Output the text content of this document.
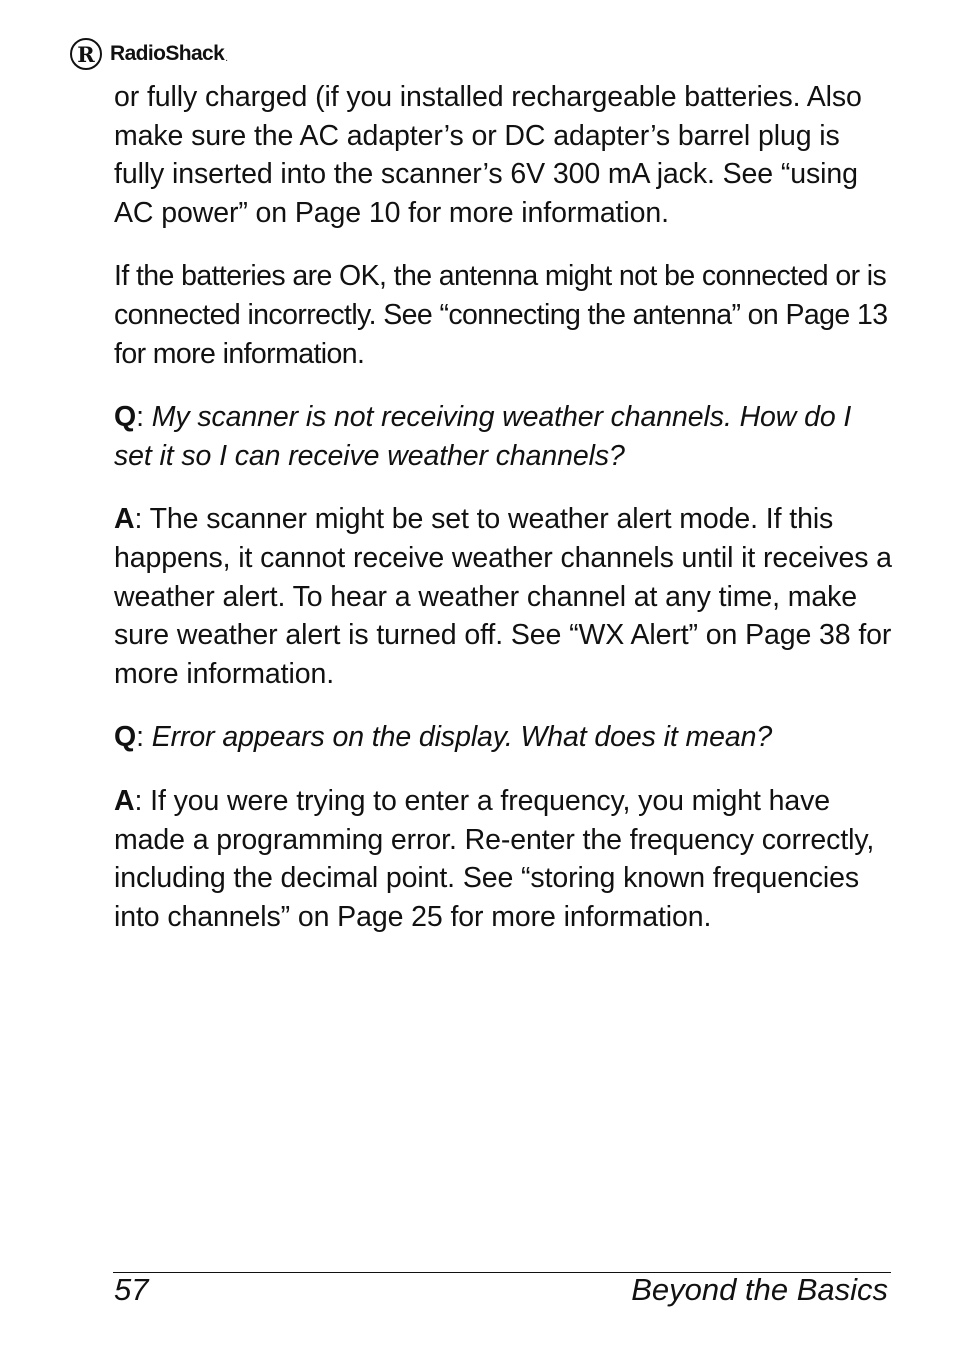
R RadioShack .

or fully charged (if you installed rechargeable batteries. Also make sure the AC adapter’s or DC adapter’s barrel plug is fully inserted into the scanner’s 6V 300 mA jack. See “using AC power” on Page 10 for more information.

If the batteries are OK, the antenna might not be connected or is connected incorrectly. See “connecting the antenna” on Page 13 for more information.

Q: My scanner is not receiving weather channels. How do I set it so I can receive weather channels?

A: The scanner might be set to weather alert mode. If this happens, it cannot receive weather channels until it receives a weather alert. To hear a weather channel at any time, make sure weather alert is turned off. See “WX Alert” on Page 38 for more information.

Q: Error appears on the display. What does it mean?

A: If you were trying to enter a frequency, you might have made a programming error. Re-enter the frequency correctly, including the decimal point. See “storing known frequencies into channels” on Page 25 for more information.

57	Beyond the Basics
